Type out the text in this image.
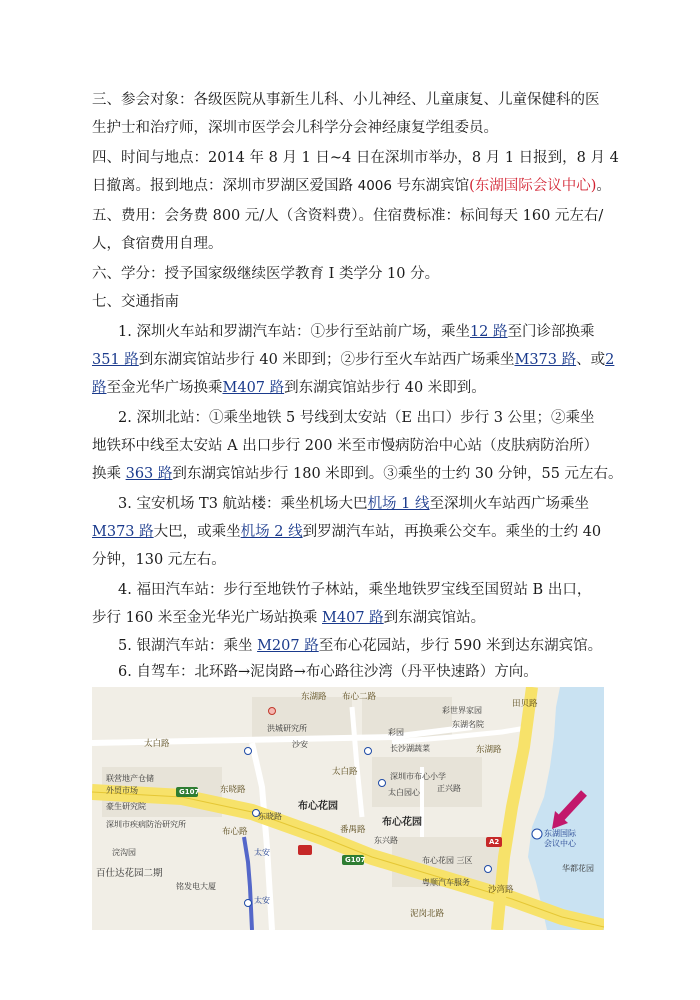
三、参会对象：各级医院从事新生儿科、小儿神经、儿童康复、儿童保健科的医
生护士和治疗师，深圳市医学会儿科学分会神经康复学组委员。
四、时间与地点：2014 年 8 月 1 日~4 日在深圳市举办，8 月 1 日报到，8 月 4
日撤离。报到地点：深圳市罗湖区爱国路 4006 号东湖宾馆(东湖国际会议中心)。
五、费用：会务费 800 元/人（含资料费）。住宿费标准：标间每天 160 元左右/
人，食宿费用自理。
六、学分：授予国家级继续医学教育 I 类学分 10 分。
七、交通指南
1. 深圳火车站和罗湖汽车站：①步行至站前广场，乘坐12 路至门诊部换乘
351 路到东湖宾馆站步行 40 米即到；②步行至火车站西广场乘坐M373 路、或2
路至金光华广场换乘M407 路到东湖宾馆站步行 40 米即到。
2. 深圳北站：①乘坐地铁 5 号线到太安站（E 出口）步行 3 公里；②乘坐
地铁环中线至太安站 A 出口步行 200 米至市慢病防治中心站（皮肤病防治所）
换乘 363 路到东湖宾馆站步行 180 米即到。③乘坐的士约 30 分钟，55 元左右。
3. 宝安机场 T3 航站楼：乘坐机场大巴机场 1 线至深圳火车站西广场乘坐
M373 路大巴，或乘坐机场 2 线到罗湖汽车站，再换乘公交车。乘坐的士约 40
分钟，130 元左右。
4. 福田汽车站：步行至地铁竹子林站，乘坐地铁罗宝线至国贸站 B 出口，
步行 160 米至金光华光广场站换乘 M407 路到东湖宾馆站。
5. 银湖汽车站：乘坐 M207 路至布心花园站，步行 590 米到达东湖宾馆。
6. 自驾车：北环路→泥岗路→布心路往沙湾（丹平快速路）方向。
东湖路 布心二路
彩世界家园
东湖名院
田贝路
洪城研究所
沙安
彩园
太白路
东湖路
太白路
长沙湖蔬菜
深圳市布心小学
正兴路
太白园心
东晓路
联营地产仓储
外贸市场
豪生研究院
东晓路
布心花园
布心花园
东兴路
番禺路
布心路
深圳市疾病防治研究所
G107
G107
A2
太安
太安
浣沟园
布心花园 三区
粤顺汽车服务
百仕达花园二期
铭发电大厦
泥岗北路
沙湾路
东湖国际 会议中心
华都花园
